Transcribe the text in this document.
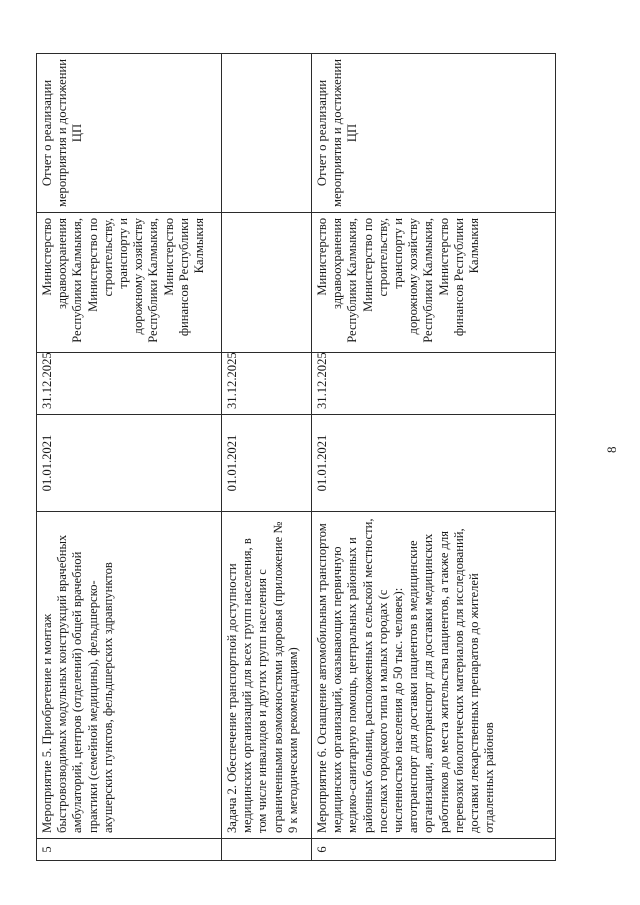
5	Мероприятие 5. Приобретение и монтаж быстровозводимых модульных конструкций врачебных амбулаторий, центров (отделений) общей врачебной практики (семейной медицины), фельдшерско-акушерских пунктов, фельдшерских здравпунктов	01.01.2021	31.12.2025	Министерство здравоохранения Республики Калмыкия, Министерство по строительству, транспорту и дорожному хозяйству Республики Калмыкия, Министерство финансов Республики Калмыкия	Отчет о реализации мероприятия и достижении ЦП
	Задача 2. Обеспечение транспортной доступности медицинских организаций для всех групп населения, в том числе инвалидов и других групп населения с ограниченными возможностями здоровья (приложение № 9 к методическим рекомендациям)	01.01.2021	31.12.2025		
6	Мероприятие 6. Оснащение автомобильным транспортом медицинских организаций, оказывающих первичную медико-санитарную помощь, центральных районных и районных больниц, расположенных в сельской местности, поселках городского типа и малых городах (с численностью населения до 50 тыс. человек): автотранспорт для доставки пациентов в медицинские организации, автотранспорт для доставки медицинских работников до места жительства пациентов, а также для перевозки биологических материалов для исследований, доставки лекарственных препаратов до жителей отдаленных районов	01.01.2021	31.12.2025	Министерство здравоохранения Республики Калмыкия, Министерство по строительству, транспорту и дорожному хозяйству Республики Калмыкия, Министерство финансов Республики Калмыкия	Отчет о реализации мероприятия и достижении ЦП
8
